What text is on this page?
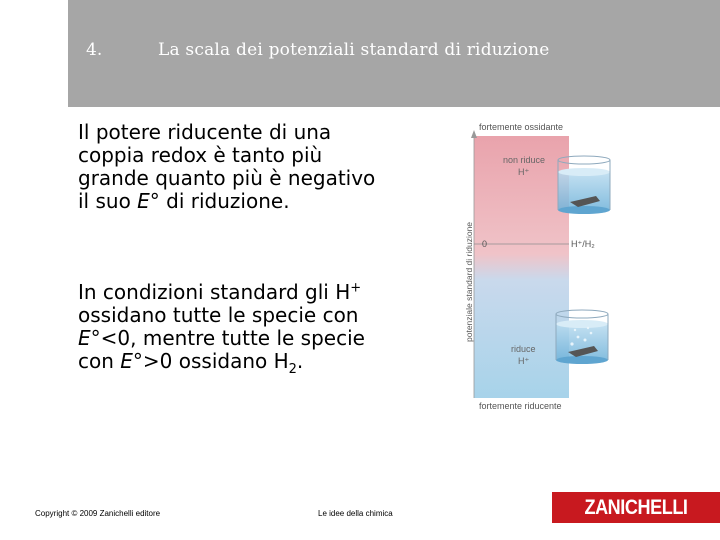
4.	La scala dei potenziali standard di riduzione
Il potere riducente di una coppia redox è tanto più grande quanto più è negativo il suo E° di riduzione.
In condizioni standard gli H+ ossidano tutte le specie con E°<0, mentre tutte le specie con E°>0 ossidano $H_2$.
fortemente ossidante
fortemente riducente
potenziale standard di riduzione 0	H⁺/H₂
non riduce
H⁺
riduce
H⁺
Copyright © 2009 Zanichelli editore	Le idee della chimica	ZANICHELLI
